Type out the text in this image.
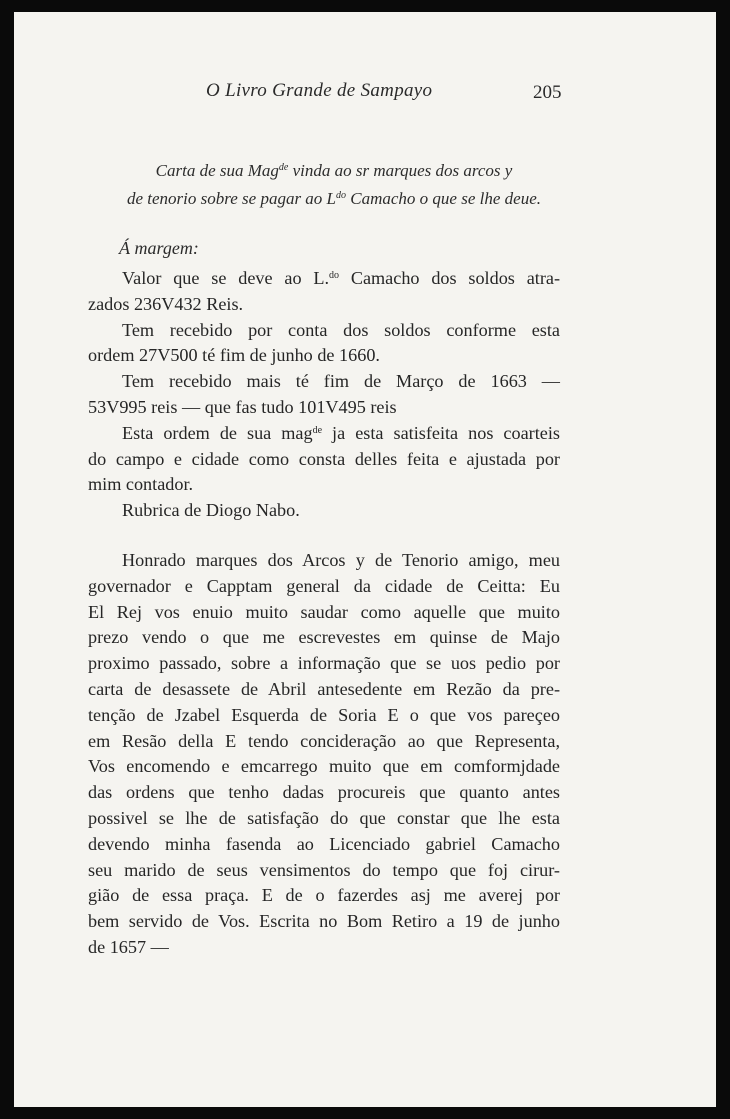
O Livro Grande de Sampayo	205
Carta de sua Mag$^{de}$ vinda ao sr marques dos arcos y
de tenorio sobre se pagar ao $L^{do}$ Camacho o que se lhe deue.
Á margem:
Valor que se deve ao L.$^{do}$ Camacho dos soldos atra-
zados 236V432 Reis.
Tem recebido por conta dos soldos conforme esta
ordem 27V500 té fim de junho de 1660.
Tem recebido mais té fim de Março de 1663 —
53V995 reis — que fas tudo 101V495 reis
Esta ordem de sua mag$^{de}$ ja esta satisfeita nos coarteis
do campo e cidade como consta delles feita e ajustada por
mim contador.
Rubrica de Diogo Nabo.
Honrado marques dos Arcos y de Tenorio amigo, meu
governador e Capptam general da cidade de Ceitta: Eu
El Rej vos enuio muito saudar como aquelle que muito
prezo vendo o que me escrevestes em quinse de Majo
proximo passado, sobre a informação que se uos pedio por
carta de desassete de Abril antesedente em Rezão da pre-
tenção de Jzabel Esquerda de Soria E o que vos pareçeo
em Resão della E tendo concideração ao que Representa,
Vos encomendo e emcarrego muito que em comformjdade
das ordens que tenho dadas procureis que quanto antes
possivel se lhe de satisfação do que constar que lhe esta
devendo minha fasenda ao Licenciado gabriel Camacho
seu marido de seus vensimentos do tempo que foj cirur-
gião de essa praça. E de o fazerdes asj me averej por
bem servido de Vos. Escrita no Bom Retiro a 19 de junho
de 1657 —
